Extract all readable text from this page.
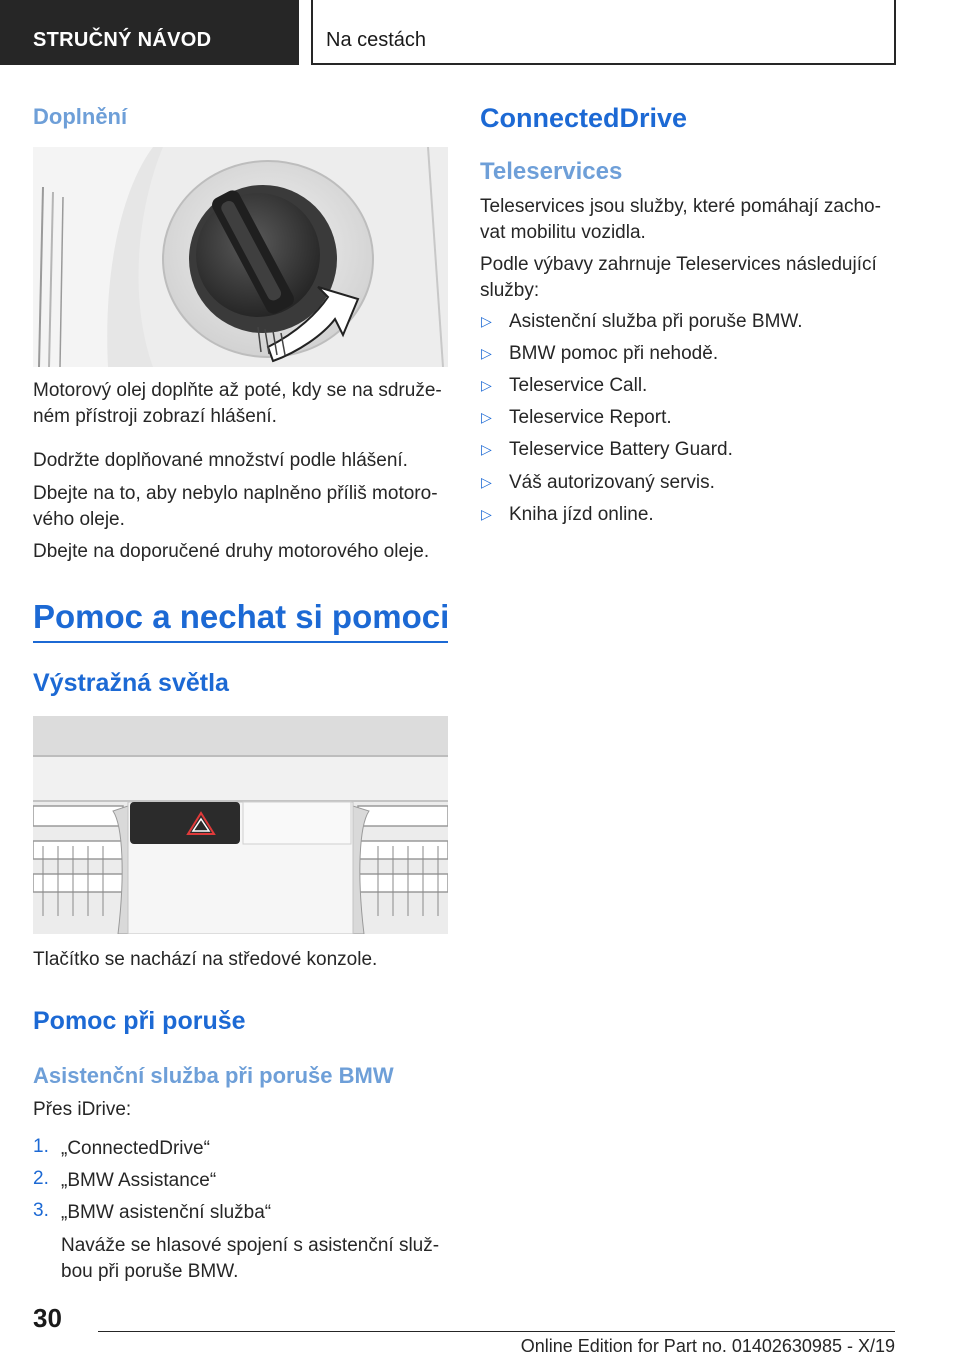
STRUČNÝ NÁVOD	Na cestách
Doplnění
Motorový olej doplňte až poté, kdy se na sdruže‐
ném přístroji zobrazí hlášení.
Dodržte doplňované množství podle hlášení.
Dbejte na to, aby nebylo naplněno příliš motoro‐
vého oleje.
Dbejte na doporučené druhy motorového oleje.
Pomoc a nechat si pomoci
Výstražná světla
Tlačítko se nachází na středové konzole.
Pomoc při poruše
Asistenční služba při poruše BMW
Přes iDrive:
1. „ConnectedDrive“
2. „BMW Assistance“
3. „BMW asistenční služba“
Naváže se hlasové spojení s asistenční služ‐
bou při poruše BMW.
ConnectedDrive
Teleservices
Teleservices jsou služby, které pomáhají zacho‐
vat mobilitu vozidla.
Podle výbavy zahrnuje Teleservices následující
služby:
▷ Asistenční služba při poruše BMW.
▷ BMW pomoc při nehodě.
▷ Teleservice Call.
▷ Teleservice Report.
▷ Teleservice Battery Guard.
▷ Váš autorizovaný servis.
▷ Kniha jízd online.
30
Online Edition for Part no. 01402630985 - X/19
